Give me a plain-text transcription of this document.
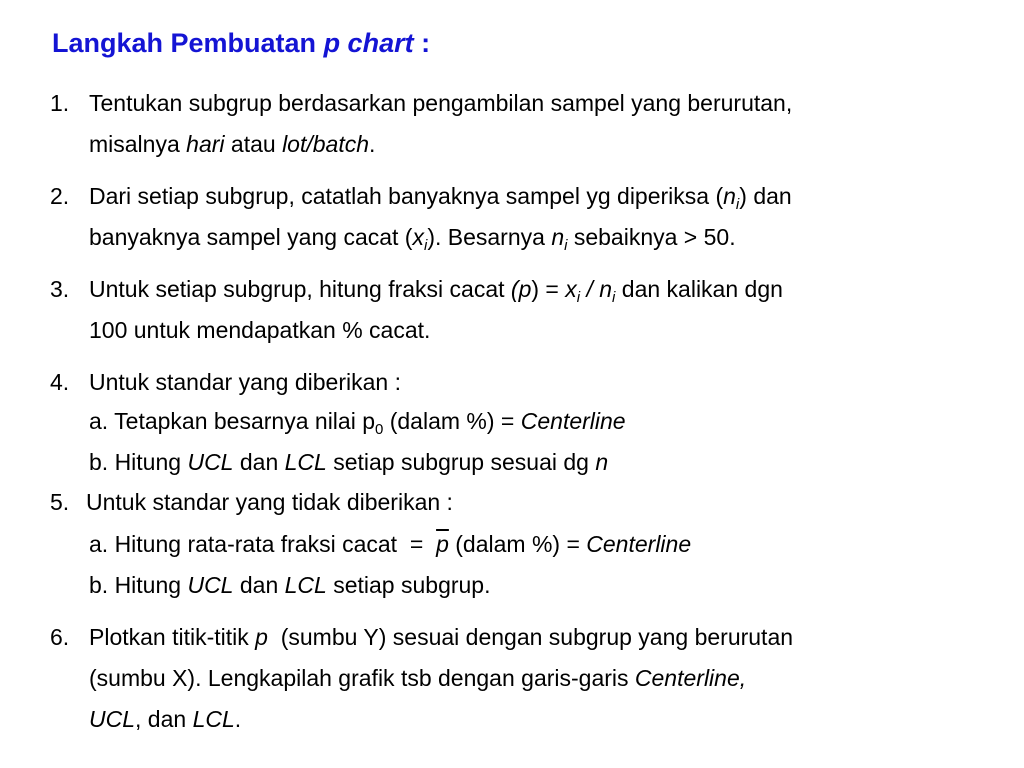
Langkah Pembuatan p chart :
1. Tentukan subgrup berdasarkan pengambilan sampel yang berurutan,
misalnya hari atau lot/batch.
2. Dari setiap subgrup, catatlah banyaknya sampel yg diperiksa $(n_i)$ dan
banyaknya sampel yang cacat $(x_i)$. Besarnya $n_i$ sebaiknya > 50.
3. Untuk setiap subgrup, hitung fraksi cacat $(p) = x_i / n_i$ dan kalikan dgn
100 untuk mendapatkan % cacat.
4. Untuk standar yang diberikan :
a. Tetapkan besarnya nilai $p_0$ (dalam %) = Centerline
b. Hitung UCL dan LCL setiap subgrup sesuai dg n
5. Untuk standar yang tidak diberikan :
a. Hitung rata-rata fraksi cacat  =  $\overline{p}$ (dalam %) = Centerline
b. Hitung UCL dan LCL setiap subgrup.
6. Plotkan titik-titik p  (sumbu Y) sesuai dengan subgrup yang berurutan
(sumbu X). Lengkapilah grafik tsb dengan garis-garis Centerline,
UCL, dan LCL.
